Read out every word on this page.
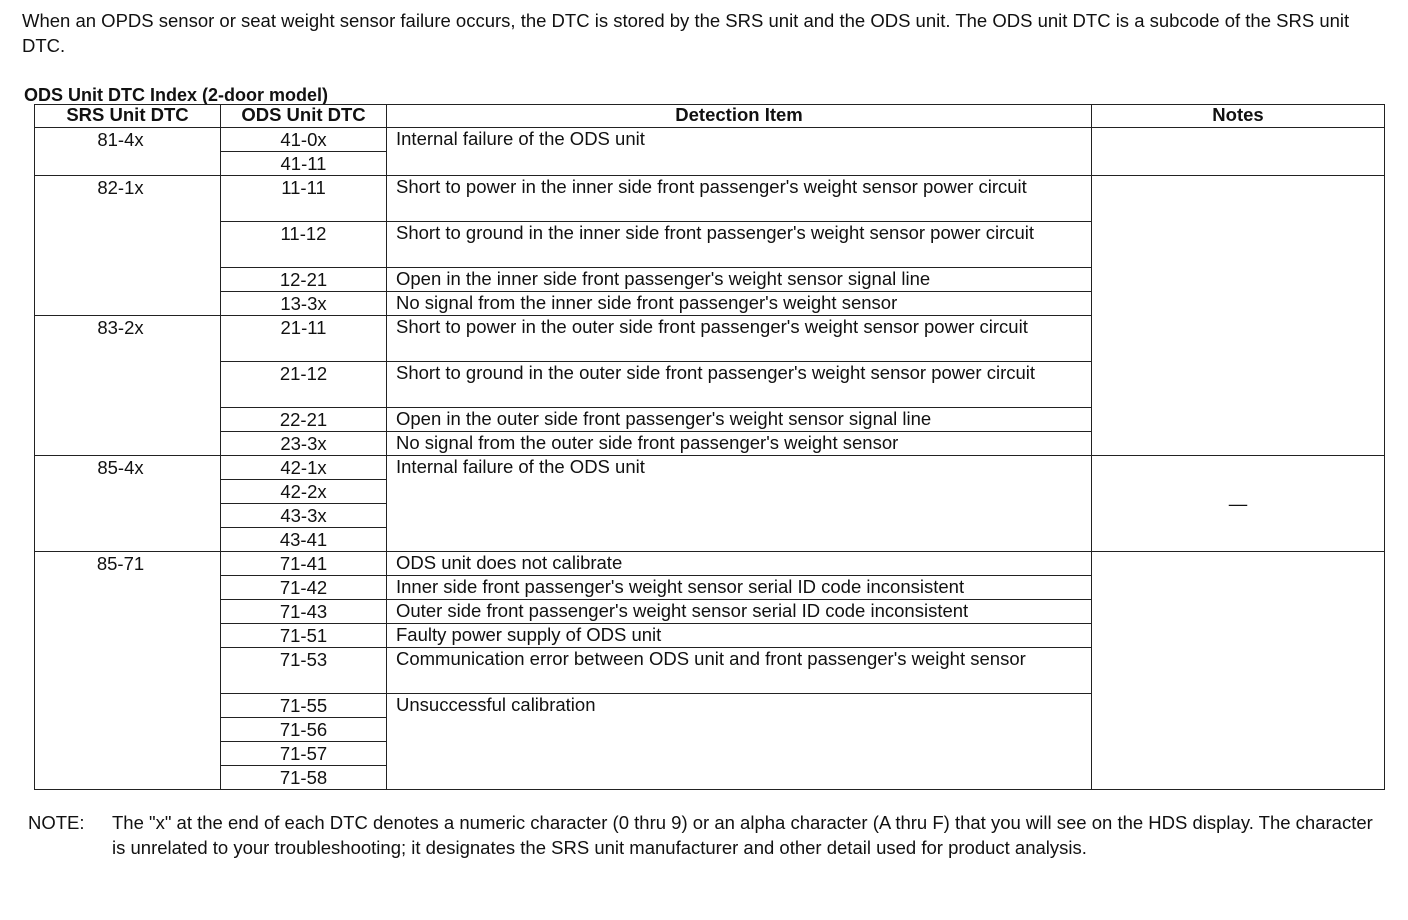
When an OPDS sensor or seat weight sensor failure occurs, the DTC is stored by the SRS unit and the ODS unit. The ODS unit DTC is a subcode of the SRS unit DTC.
ODS Unit DTC Index (2-door model)
SRS Unit DTC	ODS Unit DTC	Detection Item	Notes
81-4x	41-0x	Internal failure of the ODS unit	
	41-11		
82-1x	11-11	Short to power in the inner side front passenger's weight sensor power circuit	
	11-12	Short to ground in the inner side front passenger's weight sensor power circuit	
	12-21	Open in the inner side front passenger's weight sensor signal line	
	13-3x	No signal from the inner side front passenger's weight sensor	
83-2x	21-11	Short to power in the outer side front passenger's weight sensor power circuit	
	21-12	Short to ground in the outer side front passenger's weight sensor power circuit	
	22-21	Open in the outer side front passenger's weight sensor signal line	
	23-3x	No signal from the outer side front passenger's weight sensor	
85-4x	42-1x	Internal failure of the ODS unit	—
	42-2x		
	43-3x		
	43-41		
85-71	71-41	ODS unit does not calibrate	
	71-42	Inner side front passenger's weight sensor serial ID code inconsistent	
	71-43	Outer side front passenger's weight sensor serial ID code inconsistent	
	71-51	Faulty power supply of ODS unit	
	71-53	Communication error between ODS unit and front passenger's weight sensor	
	71-55	Unsuccessful calibration	
	71-56		
	71-57		
	71-58		
NOTE:	The "x" at the end of each DTC denotes a numeric character (0 thru 9) or an alpha character (A thru F) that you will see on the HDS display. The character is unrelated to your troubleshooting; it designates the SRS unit manufacturer and other detail used for product analysis.
